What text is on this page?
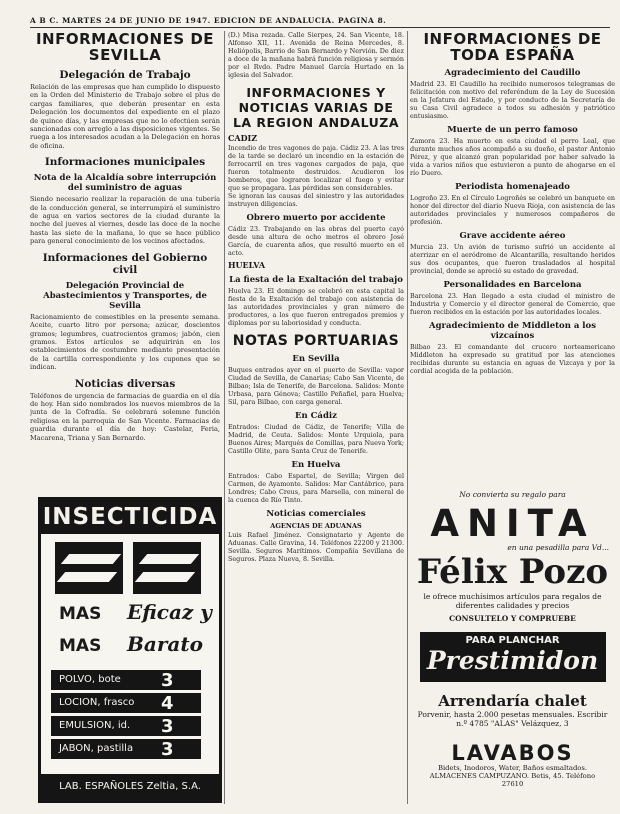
A B C. MARTES 24 DE JUNIO DE 1947. EDICION DE ANDALUCIA. PAGINA 8.
INFORMACIONES DE SEVILLA
Delegación de Trabajo

Relación de las empresas que han cumplido lo dispuesto en la Orden del Ministerio de Trabajo sobre el plus de cargas familiares, que deberán presentar en esta Delegación los documentos del expediente en el plazo de quince días, y las empresas que no lo efectúen serán sancionadas con arreglo a las disposiciones vigentes. Se ruega a los interesados acudan a la Delegación en horas de oficina.

Informaciones municipales
Nota de la Alcaldía sobre interrupción del suministro de aguas

Siendo necesario realizar la reparación de una tubería de la conducción general, se interrumpirá el suministro de agua en varios sectores de la ciudad durante la noche del jueves al viernes, desde las doce de la noche hasta las siete de la mañana, lo que se hace público para general conocimiento de los vecinos afectados.

Informaciones del Gobierno civil
Delegación Provincial de Abastecimientos y Transportes, de Sevilla

Racionamiento de comestibles en la presente semana. Aceite, cuarto litro por persona; azúcar, doscientos gramos; legumbres, cuatrocientos gramos; jabón, cien gramos. Estos artículos se adquirirán en los establecimientos de costumbre mediante presentación de la cartilla correspondiente y los cupones que se indican.

Noticias diversas

Teléfonos de urgencia de farmacias de guardia en el día de hoy. Han sido nombrados los nuevos miembros de la junta de la Cofradía. Se celebrará solemne función religiosa en la parroquia de San Vicente. Farmacias de guardia durante el día de hoy: Castelar, Feria, Macarena, Triana y San Bernardo.

INSECTICIDA
MAS Eficaz y
MAS Barato
POLVO, bote
LOCION, frasco
EMULSION, id.
JABON, pastilla
3
4
3
3
LAB. ESPAÑOLES Zeltia, S.A.

(D.) Misa rezada. Calle Sierpes, 24. San Vicente, 18. Alfonso XII, 11. Avenida de Reina Mercedes, 8. Heliópolis, Barrio de San Bernardo y Nervión. De diez a doce de la mañana habrá función religiosa y sermón por el Rvdo. Padre Manuel García Hurtado en la iglesia del Salvador.

INFORMACIONES Y NOTICIAS VARIAS DE LA REGION ANDALUZA
CADIZ

Incendio de tres vagones de paja. Cádiz 23. A las tres de la tarde se declaró un incendio en la estación de ferrocarril en tres vagones cargados de paja, que fueron totalmente destruidos. Acudieron los bomberos, que lograron localizar el fuego y evitar que se propagara. Las pérdidas son considerables.

Se ignoran las causas del siniestro y las autoridades instruyen diligencias.

Obrero muerto por accidente

Cádiz 23. Trabajando en las obras del puerto cayó desde una altura de ocho metros el obrero José García, de cuarenta años, que resultó muerto en el acto.

HUELVA
La fiesta de la Exaltación del trabajo

Huelva 23. El domingo se celebró en esta capital la fiesta de la Exaltación del trabajo con asistencia de las autoridades provinciales y gran número de productores, a los que fueron entregados premios y diplomas por su laboriosidad y conducta.

NOTAS PORTUARIAS
En Sevilla

Buques entrados ayer en el puerto de Sevilla: vapor Ciudad de Sevilla, de Canarias; Cabo San Vicente, de Bilbao; Isla de Tenerife, de Barcelona. Salidos: Monte Urbasa, para Génova; Castillo Peñafiel, para Huelva; Sil, para Bilbao, con carga general.

En Cádiz

Entrados: Ciudad de Cádiz, de Tenerife; Villa de Madrid, de Ceuta. Salidos: Monte Urquiola, para Buenos Aires; Marqués de Comillas, para Nueva York; Castillo Olite, para Santa Cruz de Tenerife.

En Huelva

Entrados: Cabo Espartel, de Sevilla; Virgen del Carmen, de Ayamonte. Salidos: Mar Cantábrico, para Londres; Cabo Creus, para Marsella, con mineral de la cuenca de Río Tinto.

Noticias comerciales
AGENCIAS DE ADUANAS

Luis Rafael Jiménez. Consignatario y Agente de Aduanas. Calle Gravina, 14. Teléfonos 22200 y 21300. Sevilla. Seguros Marítimos. Compañía Sevillana de Seguros. Plaza Nueva, 8. Sevilla.

INFORMACIONES DE TODA ESPAÑA
Agradecimiento del Caudillo

Madrid 23. El Caudillo ha recibido numerosos telegramas de felicitación con motivo del referéndum de la Ley de Sucesión en la Jefatura del Estado, y por conducto de la Secretaría de su Casa Civil agradece a todos su adhesión y patriótico entusiasmo.

Muerte de un perro famoso

Zamora 23. Ha muerto en esta ciudad el perro Leal, que durante muchos años acompañó a su dueño, el pastor Antonio Pérez, y que alcanzó gran popularidad por haber salvado la vida a varios niños que estuvieron a punto de ahogarse en el río Duero.

Periodista homenajeado

Logroño 23. En el Círculo Logroñés se celebró un banquete en honor del director del diario Nueva Rioja, con asistencia de las autoridades provinciales y numerosos compañeros de profesión.

Grave accidente aéreo

Murcia 23. Un avión de turismo sufrió un accidente al aterrizar en el aeródromo de Alcantarilla, resultando heridos sus dos ocupantes, que fueron trasladados al hospital provincial, donde se apreció su estado de gravedad.

Personalidades en Barcelona

Barcelona 23. Han llegado a esta ciudad el ministro de Industria y Comercio y el director general de Comercio, que fueron recibidos en la estación por las autoridades locales.

Agradecimiento de Middleton a los vizcaínos

Bilbao 23. El comandante del crucero norteamericano Middleton ha expresado su gratitud por las atenciones recibidas durante su estancia en aguas de Vizcaya y por la cordial acogida de la población.

No convierta su regalo para
ANITA
en una pesadilla para Vd...
Félix Pozo
le ofrece muchísimos artículos para regalos de diferentes calidades y precios
CONSULTELO Y COMPRUEBE
PARA PLANCHAR
Prestimidon
Arrendaría chalet
Porvenir, hasta 2.000 pesetas mensuales. Escribir n.º 4785 "ALAS" Velázquez, 3
LAVABOS
Bidets, Inodoros, Water, Baños esmaltados. ALMACENES CAMPUZANO. Betis, 45. Teléfono 27610
